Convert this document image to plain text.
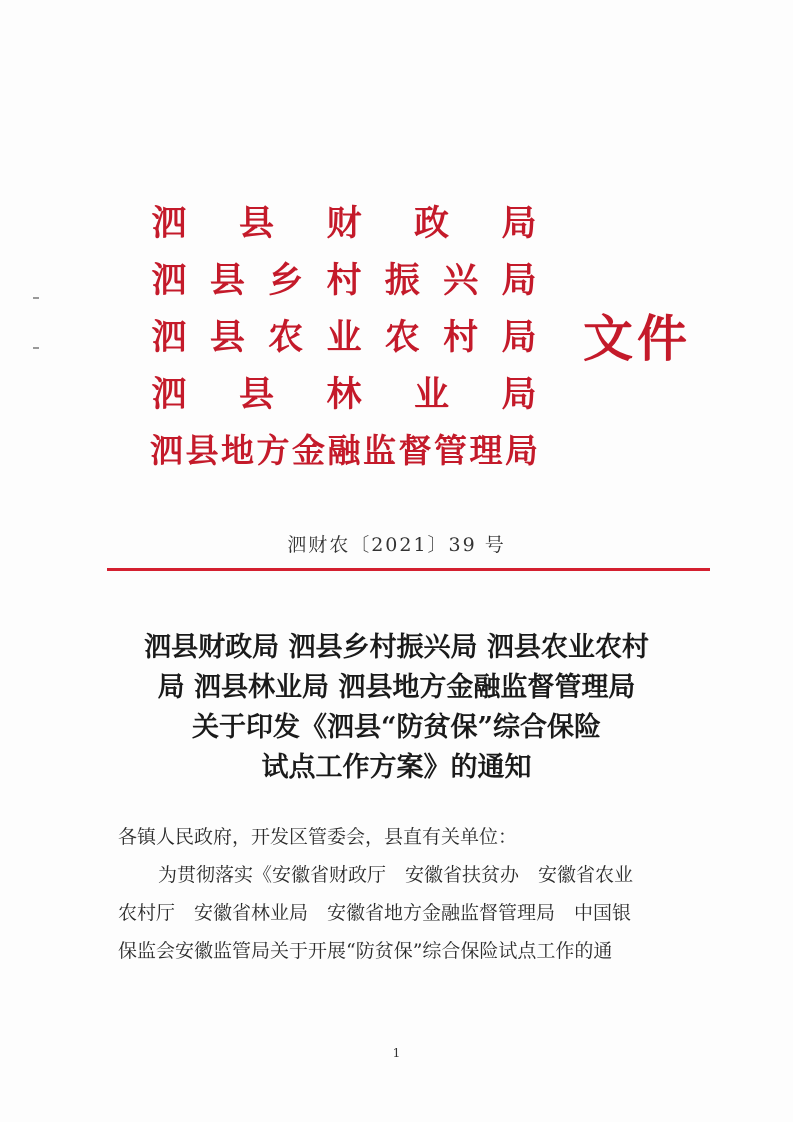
泗 县 财 政 局
泗 县 乡 村 振 兴 局
泗 县 农 业 农 村 局
泗 县 林 业 局
泗 县 地 方 金 融 监 督 管 理 局
文件
泗财农〔2021〕39 号
泗县财政局 泗县乡村振兴局 泗县农业农村
局 泗县林业局 泗县地方金融监督管理局
关于印发《泗县“防贫保”综合保险
试点工作方案》的通知
各镇人民政府，开发区管委会，县直有关单位：
为贯彻落实《安徽省财政厅　安徽省扶贫办　安徽省农业
农村厅　安徽省林业局　安徽省地方金融监督管理局　中国银
保监会安徽监管局关于开展“防贫保”综合保险试点工作的通
1
